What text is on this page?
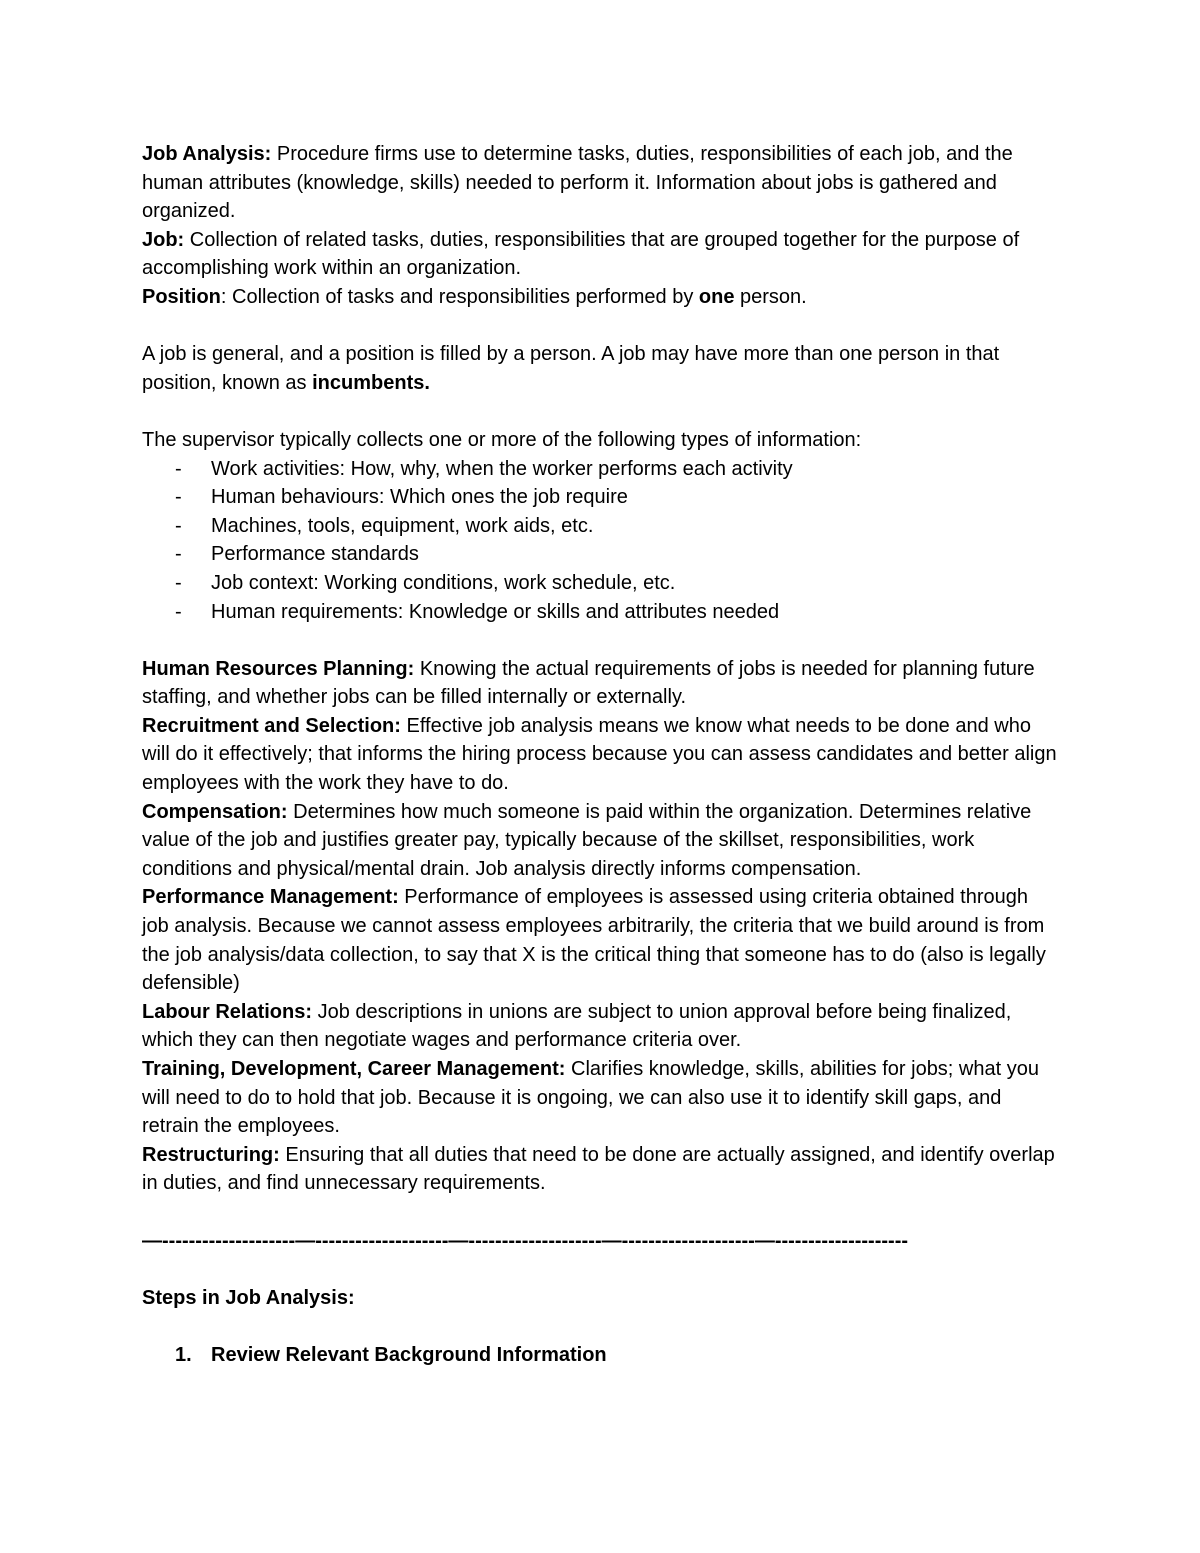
Job Analysis: Procedure firms use to determine tasks, duties, responsibilities of each job, and the human attributes (knowledge, skills) needed to perform it. Information about jobs is gathered and organized.

Job: Collection of related tasks, duties, responsibilities that are grouped together for the purpose of accomplishing work within an organization.

Position: Collection of tasks and responsibilities performed by one person.

A job is general, and a position is filled by a person. A job may have more than one person in that position, known as incumbents.

The supervisor typically collects one or more of the following types of information:

- Work activities: How, why, when the worker performs each activity
- Human behaviours: Which ones the job require
- Machines, tools, equipment, work aids, etc.
- Performance standards
- Job context: Working conditions, work schedule, etc.
- Human requirements: Knowledge or skills and attributes needed

Human Resources Planning: Knowing the actual requirements of jobs is needed for planning future staffing, and whether jobs can be filled internally or externally.

Recruitment and Selection: Effective job analysis means we know what needs to be done and who will do it effectively; that informs the hiring process because you can assess candidates and better align employees with the work they have to do.

Compensation: Determines how much someone is paid within the organization. Determines relative value of the job and justifies greater pay, typically because of the skillset, responsibilities, work conditions and physical/mental drain. Job analysis directly informs compensation.

Performance Management: Performance of employees is assessed using criteria obtained through job analysis. Because we cannot assess employees arbitrarily, the criteria that we build around is from the job analysis/data collection, to say that X is the critical thing that someone has to do (also is legally defensible)

Labour Relations: Job descriptions in unions are subject to union approval before being finalized, which they can then negotiate wages and performance criteria over.

Training, Development, Career Management: Clarifies knowledge, skills, abilities for jobs; what you will need to do to hold that job. Because it is ongoing, we can also use it to identify skill gaps, and retrain the employees.

Restructuring: Ensuring that all duties that need to be done are actually assigned, and identify overlap in duties, and find unnecessary requirements.

—--------------------—--------------------—--------------------—--------------------—--------------------

Steps in Job Analysis:

1. Review Relevant Background Information
